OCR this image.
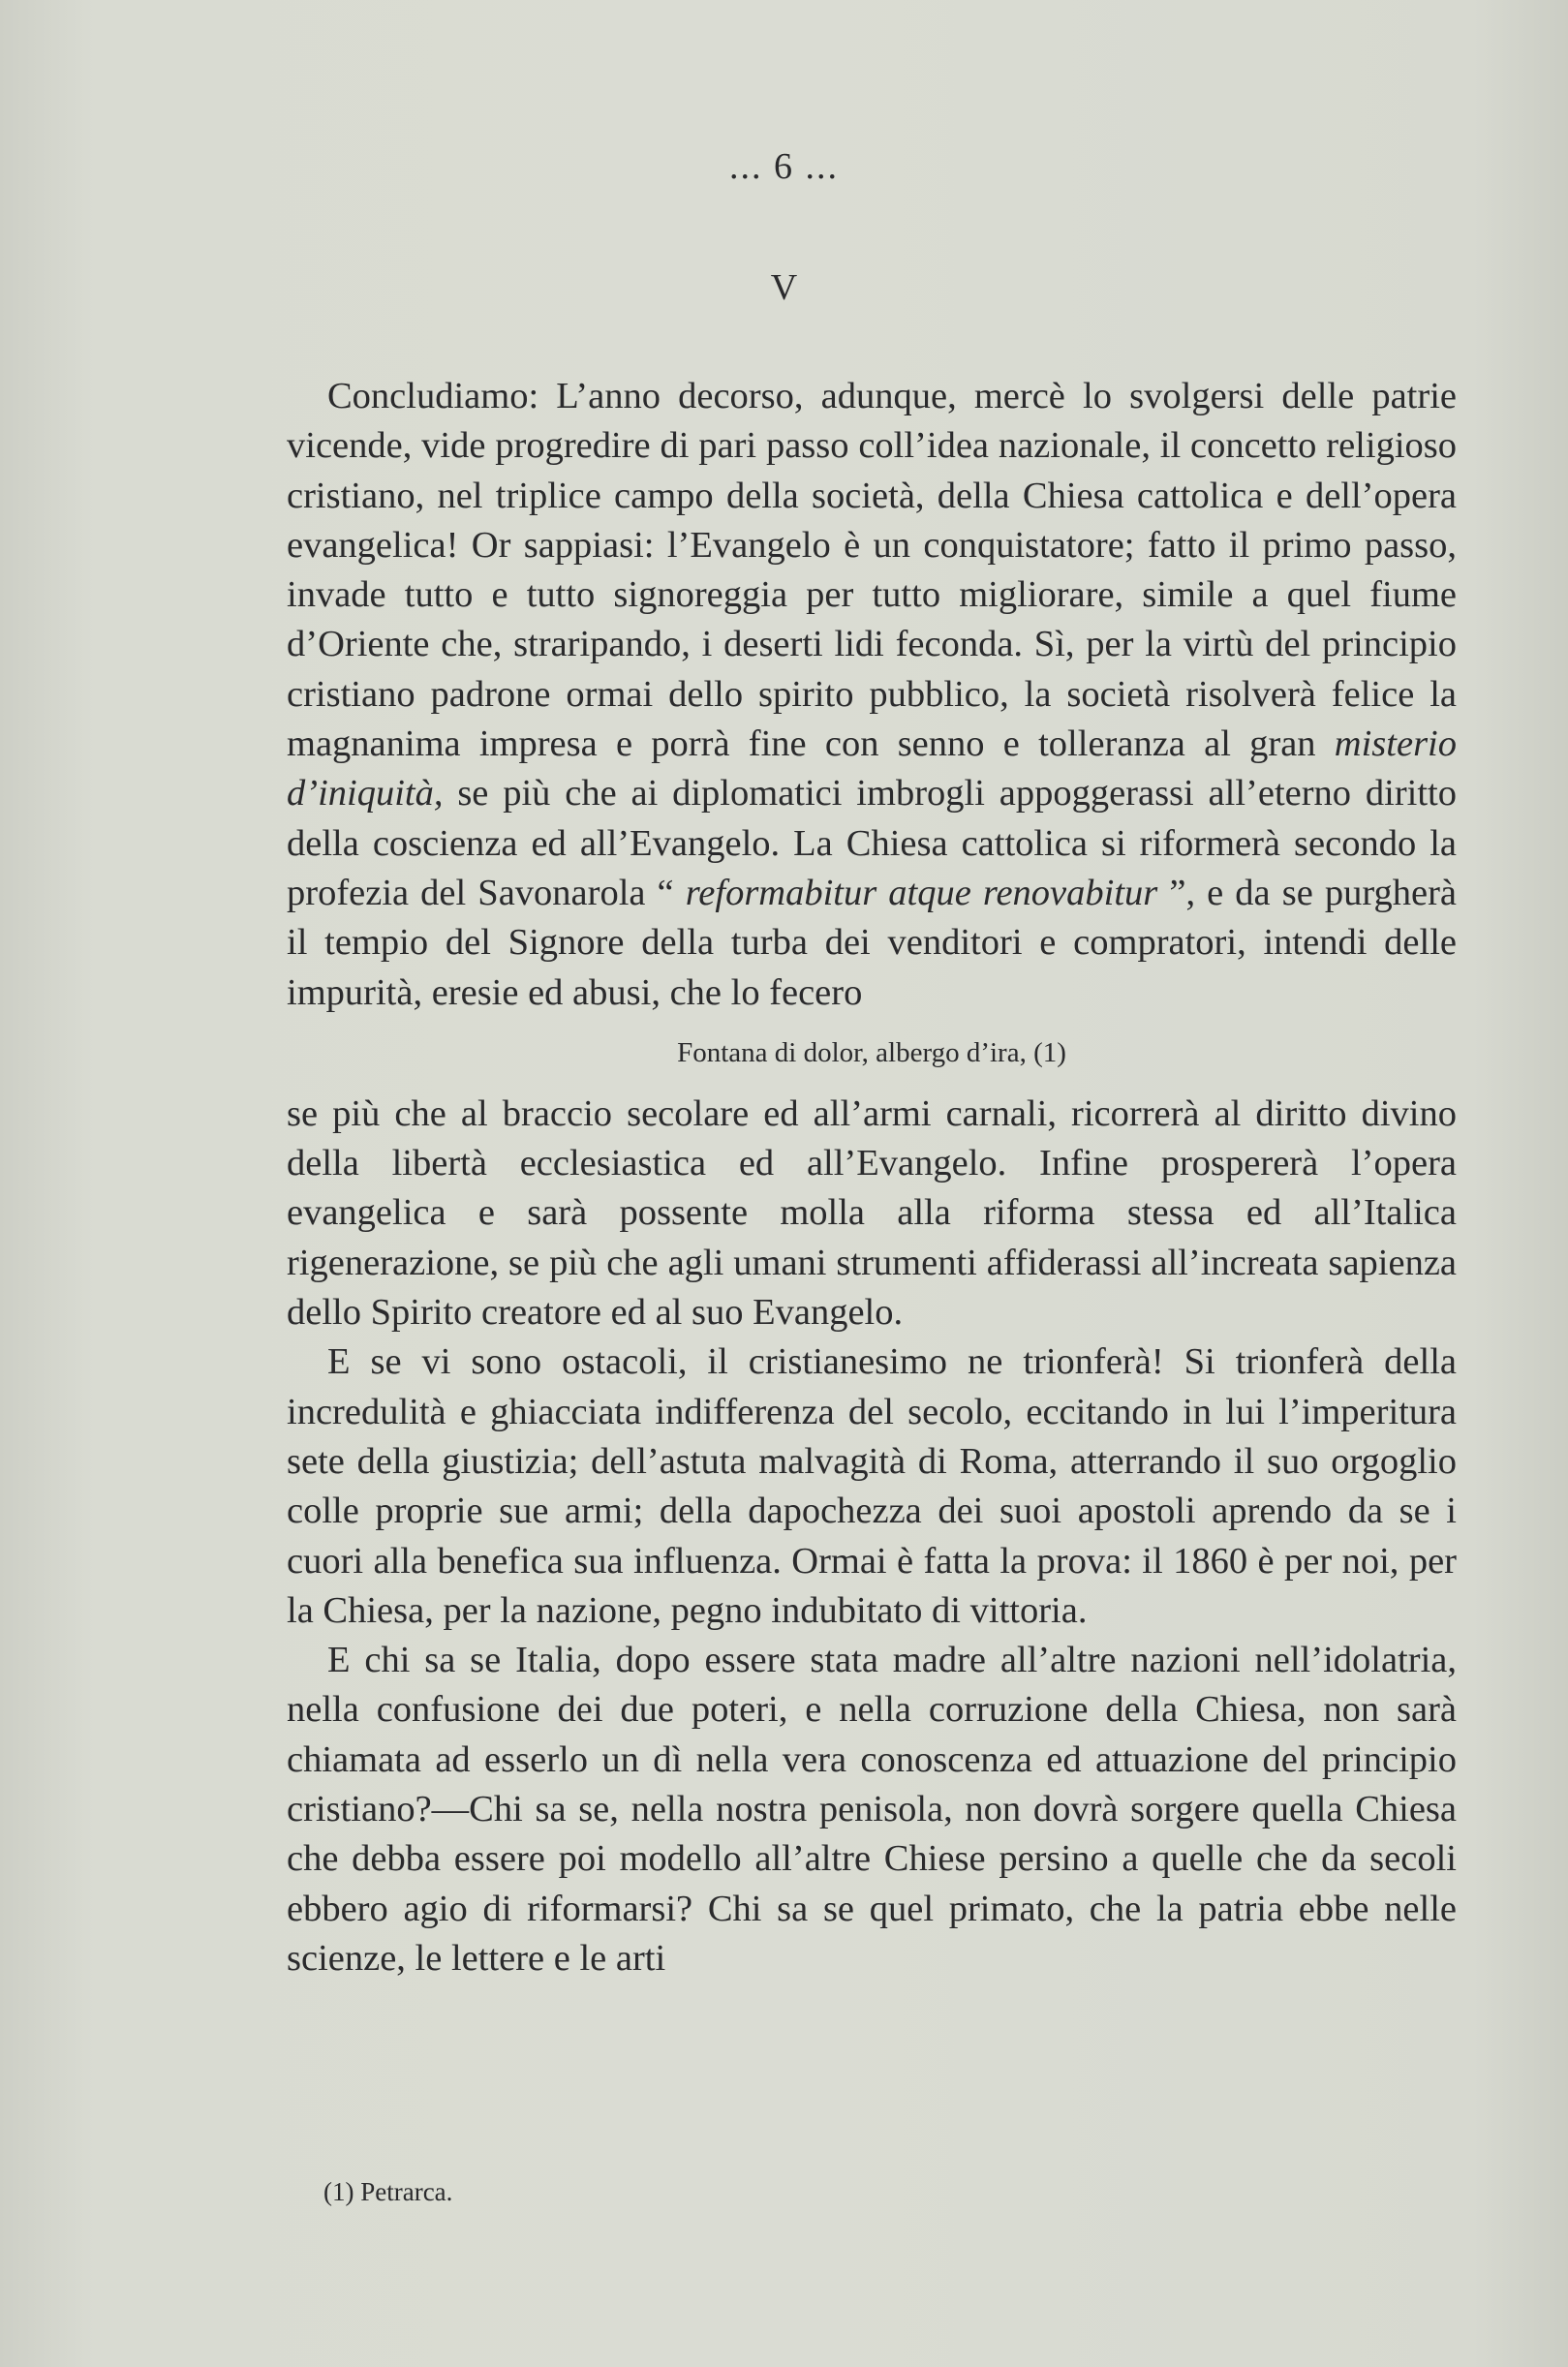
... 6 ...
V

Concludiamo: L’anno decorso, adunque, mercè lo svolgersi delle patrie vicende, vide progredire di pari passo coll’idea nazionale, il concetto religioso cristiano, nel triplice campo della società, della Chiesa cattolica e dell’opera evangelica! Or sappiasi: l’Evangelo è un conquistatore; fatto il primo passo, invade tutto e tutto signoreggia per tutto migliorare, simile a quel fiume d’Oriente che, straripando, i deserti lidi feconda. Sì, per la virtù del principio cristiano padrone ormai dello spirito pubblico, la società risolverà felice la magnanima impresa e porrà fine con senno e tolleranza al gran misterio d’iniquità, se più che ai diplomatici imbrogli appoggerassi all’eterno diritto della coscienza ed all’Evangelo. La Chiesa cattolica si riformerà secondo la profezia del Savonarola “ reformabitur atque renovabitur ”, e da se purgherà il tempio del Signore della turba dei venditori e compratori, intendi delle impurità, eresie ed abusi, che lo fecero

Fontana di dolor, albergo d’ira, (1)

se più che al braccio secolare ed all’armi carnali, ricorrerà al diritto divino della libertà ecclesiastica ed all’Evangelo. Infine prospererà l’opera evangelica e sarà possente molla alla riforma stessa ed all’Italica rigenerazione, se più che agli umani strumenti affiderassi all’increata sapienza dello Spirito creatore ed al suo Evangelo.

E se vi sono ostacoli, il cristianesimo ne trionferà! Si trionferà della incredulità e ghiacciata indifferenza del secolo, eccitando in lui l’imperitura sete della giustizia; dell’astuta malvagità di Roma, atterrando il suo orgoglio colle proprie sue armi; della dapochezza dei suoi apostoli aprendo da se i cuori alla benefica sua influenza. Ormai è fatta la prova: il 1860 è per noi, per la Chiesa, per la nazione, pegno indubitato di vittoria.

E chi sa se Italia, dopo essere stata madre all’altre nazioni nell’idolatria, nella confusione dei due poteri, e nella corruzione della Chiesa, non sarà chiamata ad esserlo un dì nella vera conoscenza ed attuazione del principio cristiano?—Chi sa se, nella nostra penisola, non dovrà sorgere quella Chiesa che debba essere poi modello all’altre Chiese persino a quelle che da secoli ebbero agio di riformarsi? Chi sa se quel primato, che la patria ebbe nelle scienze, le lettere e le arti

(1) Petrarca.
